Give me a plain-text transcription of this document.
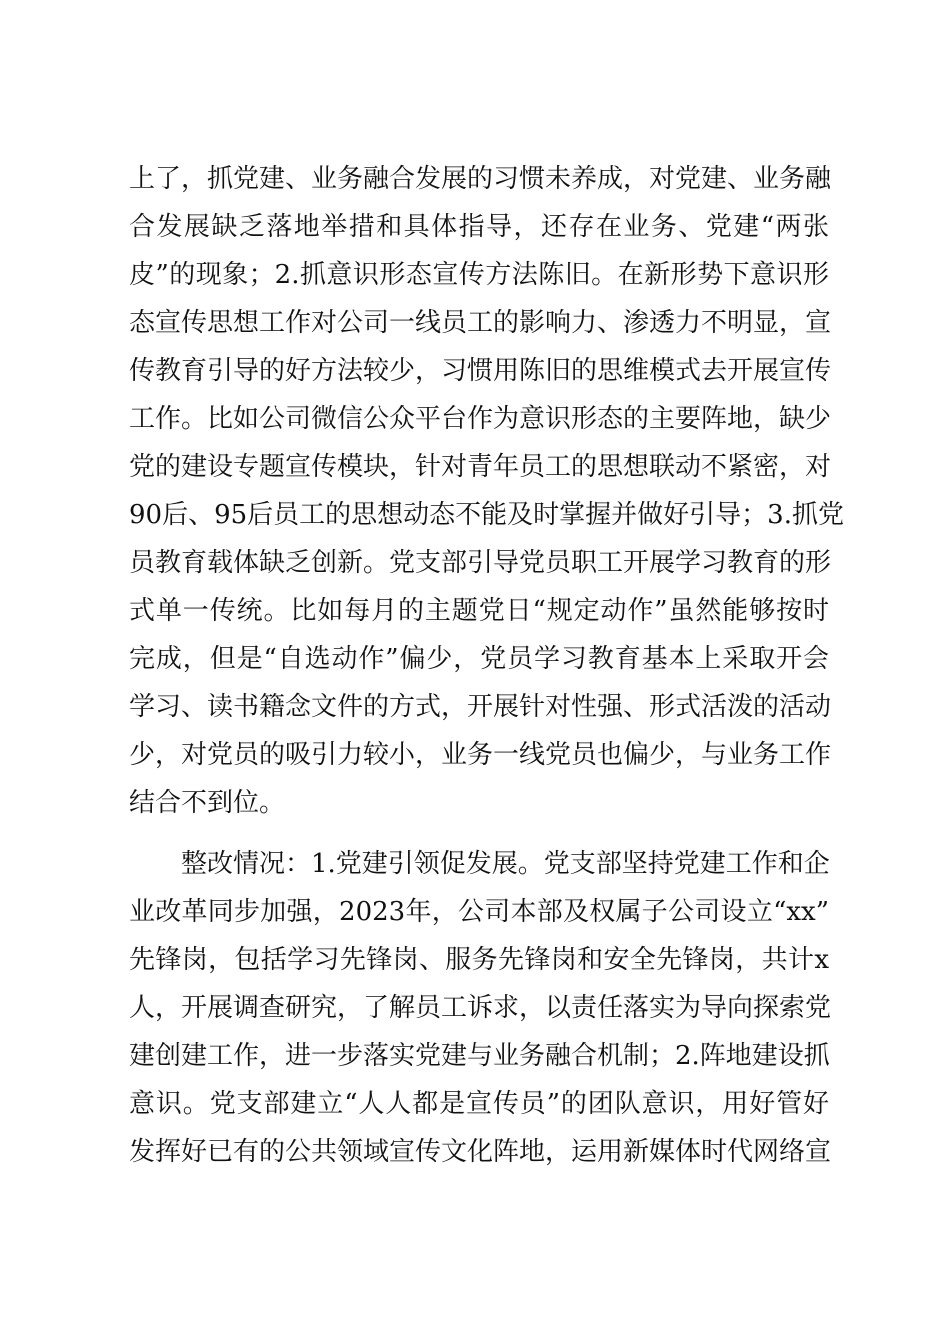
上了，抓党建、业务融合发展的习惯未养成，对党建、业务融
合发展缺乏落地举措和具体指导，还存在业务、党建“两张
皮”的现象；2.抓意识形态宣传方法陈旧。在新形势下意识形
态宣传思想工作对公司一线员工的影响力、渗透力不明显，宣
传教育引导的好方法较少，习惯用陈旧的思维模式去开展宣传
工作。比如公司微信公众平台作为意识形态的主要阵地，缺少
党的建设专题宣传模块，针对青年员工的思想联动不紧密，对
90后、95后员工的思想动态不能及时掌握并做好引导；3.抓党
员教育载体缺乏创新。党支部引导党员职工开展学习教育的形
式单一传统。比如每月的主题党日“规定动作”虽然能够按时
完成，但是“自选动作”偏少，党员学习教育基本上采取开会
学习、读书籍念文件的方式，开展针对性强、形式活泼的活动
少，对党员的吸引力较小，业务一线党员也偏少，与业务工作
结合不到位。
整改情况：1.党建引领促发展。党支部坚持党建工作和企
业改革同步加强，2023年，公司本部及权属子公司设立“xx”
先锋岗，包括学习先锋岗、服务先锋岗和安全先锋岗，共计x
人，开展调查研究，了解员工诉求，以责任落实为导向探索党
建创建工作，进一步落实党建与业务融合机制；2.阵地建设抓
意识。党支部建立“人人都是宣传员”的团队意识，用好管好
发挥好已有的公共领域宣传文化阵地，运用新媒体时代网络宣
